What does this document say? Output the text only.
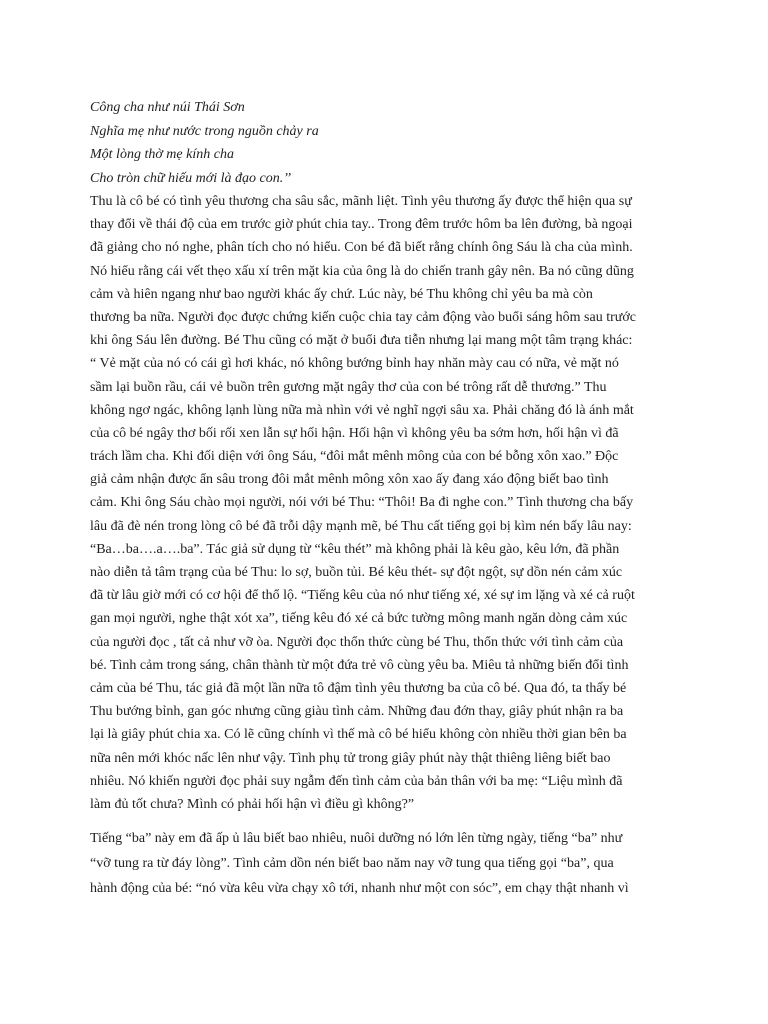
Công cha như núi Thái Sơn
Nghĩa mẹ như nước trong nguồn chảy ra
Một lòng thờ mẹ kính cha
Cho tròn chữ hiếu mới là đạo con.’’
Thu là cô bé có tình yêu thương cha sâu sắc, mãnh liệt. Tình yêu thương ấy được thể hiện qua sự
thay đổi về thái độ của em trước giờ phút chia tay.. Trong đêm trước hôm ba lên đường, bà ngoại
đã giảng cho nó nghe, phân tích cho nó hiểu. Con bé đã biết rằng chính ông Sáu là cha của mình.
Nó hiểu rằng cái vết thẹo xấu xí trên mặt kia của ông là do chiến tranh gây nên. Ba nó cũng dũng
cảm và hiên ngang như bao người khác ấy chứ. Lúc này, bé Thu không chỉ yêu ba mà còn
thương ba nữa. Người đọc được chứng kiến cuộc chia tay cảm động vào buổi sáng hôm sau trước
khi ông Sáu lên đường. Bé Thu cũng có mặt ở buổi đưa tiễn nhưng lại mang một tâm trạng khác:
“ Vẻ mặt của nó có cái gì hơi khác, nó không bướng bỉnh hay nhăn mày cau có nữa, vẻ mặt nó
sầm lại buồn rầu, cái vẻ buồn trên gương mặt ngây thơ của con bé trông rất dễ thương.” Thu
không ngơ ngác, không lạnh lùng nữa mà nhìn với vẻ nghĩ ngợi sâu xa. Phải chăng đó là ánh mắt
của cô bé ngây thơ bối rối xen lẫn sự hối hận. Hối hận vì không yêu ba sớm hơn, hối hận vì đã
trách lầm cha. Khi đối diện với ông Sáu, “đôi mắt mênh mông của con bé bỗng xôn xao.” Độc
giả cảm nhận được ẩn sâu trong đôi mắt mênh mông xôn xao ấy đang xáo động biết bao tình
cảm. Khi ông Sáu chào mọi người, nói với bé Thu: “Thôi! Ba đi nghe con.” Tình thương cha bấy
lâu đã đè nén trong lòng cô bé đã trỗi dậy mạnh mẽ, bé Thu cất tiếng gọi bị kìm nén bấy lâu nay:
“Ba…ba….a….ba”. Tác giả sử dụng từ “kêu thét” mà không phải là kêu gào, kêu lớn, đã phần
nào diễn tả tâm trạng của bé Thu: lo sợ, buồn tủi. Bé kêu thét- sự đột ngột, sự dồn nén cảm xúc
đã từ lâu giờ mới có cơ hội để thổ lộ. “Tiếng kêu của nó như tiếng xé, xé sự im lặng và xé cả ruột
gan mọi người, nghe thật xót xa”, tiếng kêu đó xé cả bức tường mông manh ngăn dòng cảm xúc
của người đọc , tất cả như vỡ òa. Người đọc thổn thức cùng bé Thu, thổn thức với tình cảm của
bé. Tình cảm trong sáng, chân thành từ một đứa trẻ vô cùng yêu ba. Miêu tả những biến đổi tình
cảm của bé Thu, tác giả đã một lần nữa tô đậm tình yêu thương ba của cô bé. Qua đó, ta thấy bé
Thu bướng bỉnh, gan góc nhưng cũng giàu tình cảm. Những đau đớn thay, giây phút nhận ra ba
lại là giây phút chia xa. Có lẽ cũng chính vì thế mà cô bé hiểu không còn nhiều thời gian bên ba
nữa nên mới khóc nấc lên như vậy. Tình phụ tử trong giây phút này thật thiêng liêng biết bao
nhiêu. Nó khiến người đọc phải suy ngẫm đến tình cảm của bản thân với ba mẹ: “Liệu mình đã
làm đủ tốt chưa? Mình có phải hối hận vì điều gì không?”
Tiếng “ba” này em đã ấp ủ lâu biết bao nhiêu, nuôi dưỡng nó lớn lên từng ngày, tiếng “ba” như
“vỡ tung ra từ đáy lòng”. Tình cảm dồn nén biết bao năm nay vỡ tung qua tiếng gọi “ba”, qua
hành động của bé: “nó vừa kêu vừa chạy xô tới, nhanh như một con sóc”, em chạy thật nhanh vì
